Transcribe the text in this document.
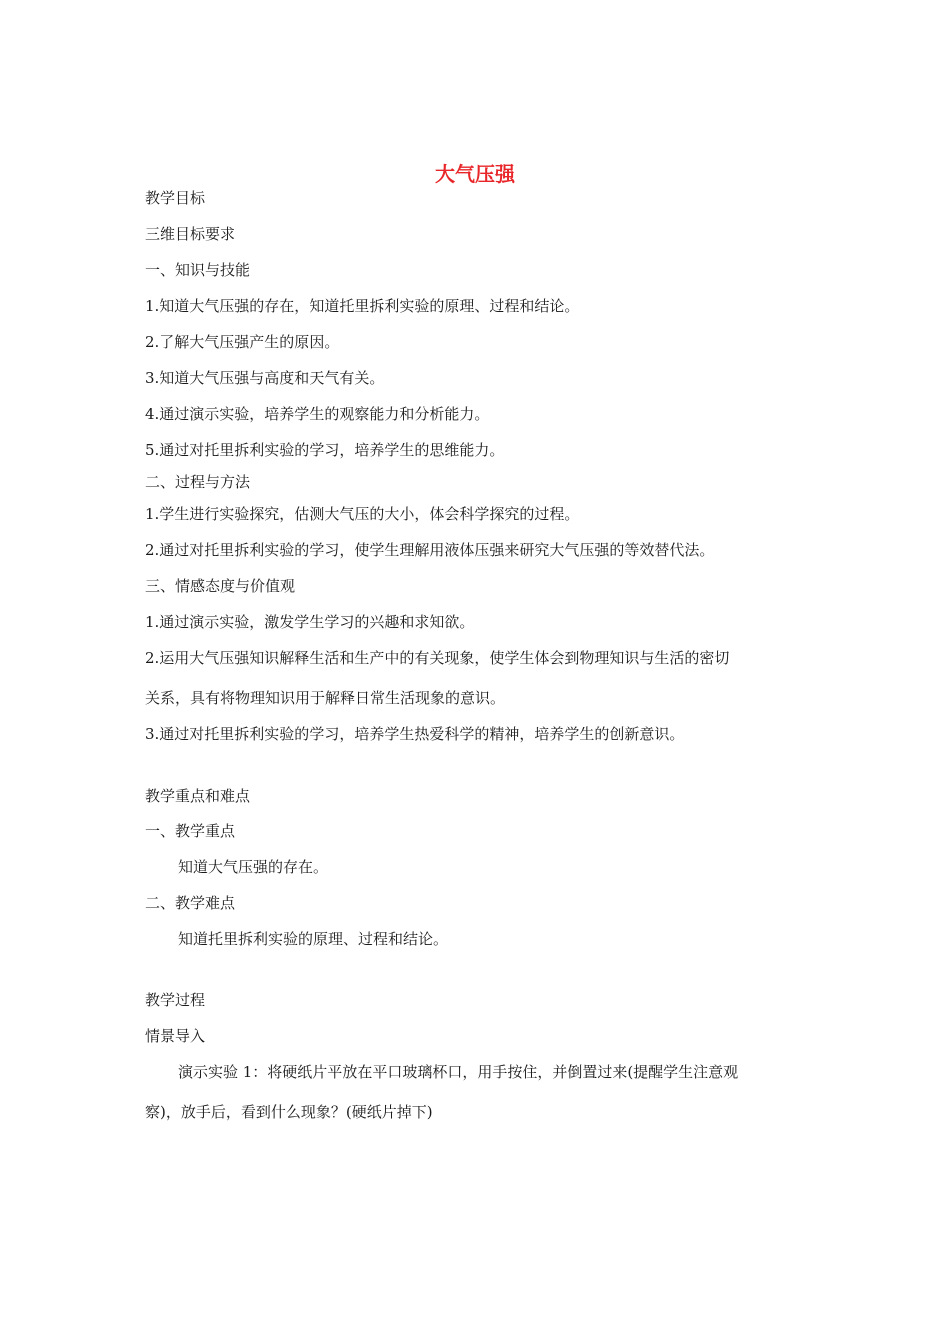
大气压强
教学目标
三维目标要求
一、知识与技能
1.知道大气压强的存在，知道托里拆利实验的原理、过程和结论。
2.了解大气压强产生的原因。
3.知道大气压强与高度和天气有关。
4.通过演示实验，培养学生的观察能力和分析能力。
5.通过对托里拆利实验的学习，培养学生的思维能力。
二、过程与方法
1.学生进行实验探究，估测大气压的大小，体会科学探究的过程。
2.通过对托里拆利实验的学习，使学生理解用液体压强来研究大气压强的等效替代法。
三、情感态度与价值观
1.通过演示实验，激发学生学习的兴趣和求知欲。
2.运用大气压强知识解释生活和生产中的有关现象，使学生体会到物理知识与生活的密切
关系，具有将物理知识用于解释日常生活现象的意识。
3.通过对托里拆利实验的学习，培养学生热爱科学的精神，培养学生的创新意识。
教学重点和难点
一、教学重点
知道大气压强的存在。
二、教学难点
知道托里拆利实验的原理、过程和结论。
教学过程
情景导入
演示实验 1：将硬纸片平放在平口玻璃杯口，用手按住，并倒置过来(提醒学生注意观
察)，放手后，看到什么现象？(硬纸片掉下)
